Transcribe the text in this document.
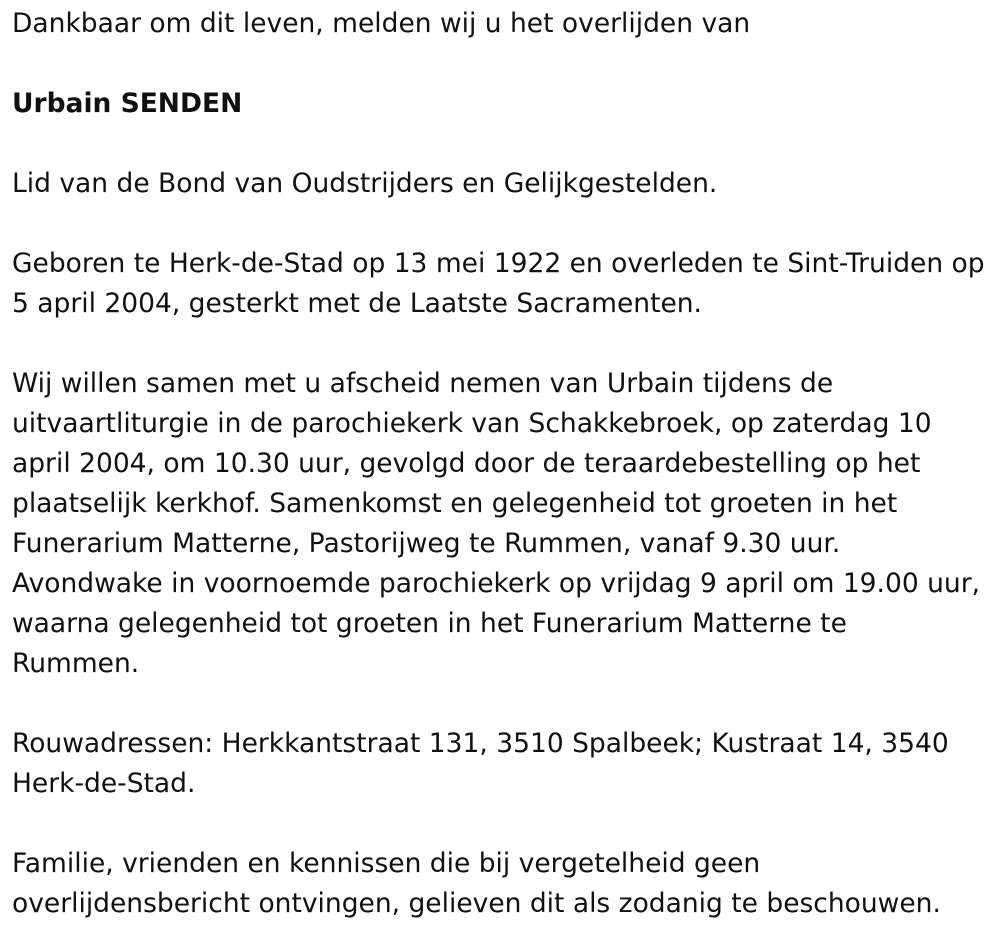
Dankbaar om dit leven, melden wij u het overlijden van

Urbain SENDEN

Lid van de Bond van Oudstrijders en Gelijkgestelden.

Geboren te Herk-de-Stad op 13 mei 1922 en overleden te Sint-Truiden op
5 april 2004, gesterkt met de Laatste Sacramenten.

Wij willen samen met u afscheid nemen van Urbain tijdens de
uitvaartliturgie in de parochiekerk van Schakkebroek, op zaterdag 10
april 2004, om 10.30 uur, gevolgd door de teraardebestelling op het
plaatselijk kerkhof. Samenkomst en gelegenheid tot groeten in het
Funerarium Matterne, Pastorijweg te Rummen, vanaf 9.30 uur.
Avondwake in voornoemde parochiekerk op vrijdag 9 april om 19.00 uur,
waarna gelegenheid tot groeten in het Funerarium Matterne te
Rummen.

Rouwadressen: Herkkantstraat 131, 3510 Spalbeek; Kustraat 14, 3540
Herk-de-Stad.

Familie, vrienden en kennissen die bij vergetelheid geen
overlijdensbericht ontvingen, gelieven dit als zodanig te beschouwen.
